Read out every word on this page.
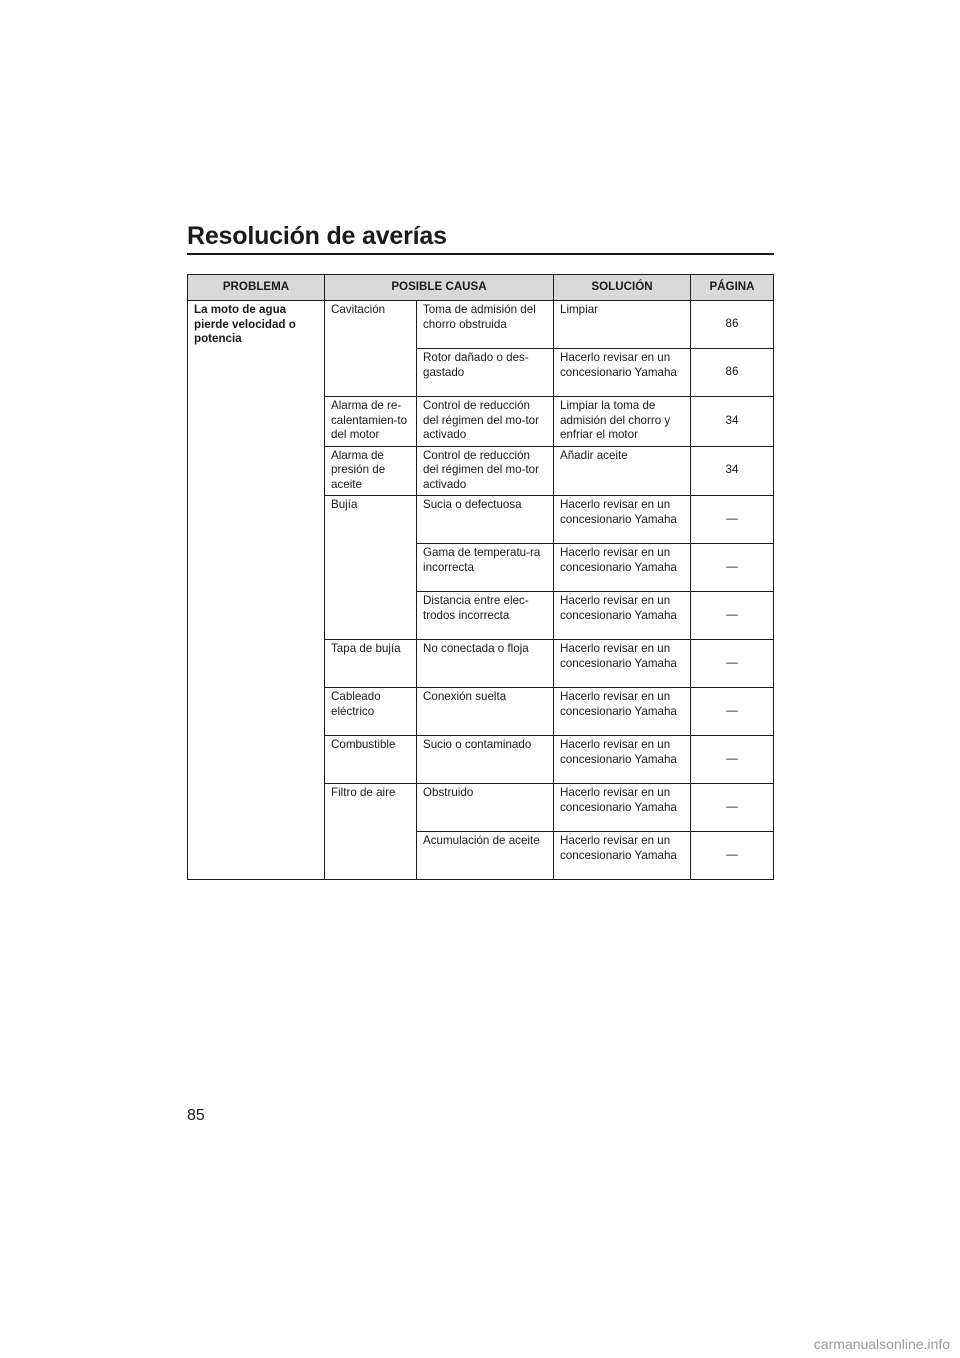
Resolución de averías
PROBLEMA	POSIBLE CAUSA		SOLUCIÓN	PÁGINA
La moto de agua pierde velocidad o potencia	Cavitación	Toma de admisión del chorro obstruida	Limpiar	86
		Rotor dañado o des-gastado	Hacerlo revisar en un concesionario Yamaha	86
	Alarma de re-calentamien-to del motor	Control de reducción del régimen del mo-tor activado	Limpiar la toma de admisión del chorro y enfriar el motor	34
	Alarma de presión de aceite	Control de reducción del régimen del mo-tor activado	Añadir aceite	34
	Bujía	Sucia o defectuosa	Hacerlo revisar en un concesionario Yamaha	—
		Gama de temperatu-ra incorrecta	Hacerlo revisar en un concesionario Yamaha	—
		Distancia entre elec-trodos incorrecta	Hacerlo revisar en un concesionario Yamaha	—
	Tapa de bujía	No conectada o floja	Hacerlo revisar en un concesionario Yamaha	—
	Cableado eléctrico	Conexión suelta	Hacerlo revisar en un concesionario Yamaha	—
	Combustible	Sucio o contaminado	Hacerlo revisar en un concesionario Yamaha	—
	Filtro de aire	Obstruido	Hacerlo revisar en un concesionario Yamaha	—
		Acumulación de aceite	Hacerlo revisar en un concesionario Yamaha	—
85
carmanualsonline.info
